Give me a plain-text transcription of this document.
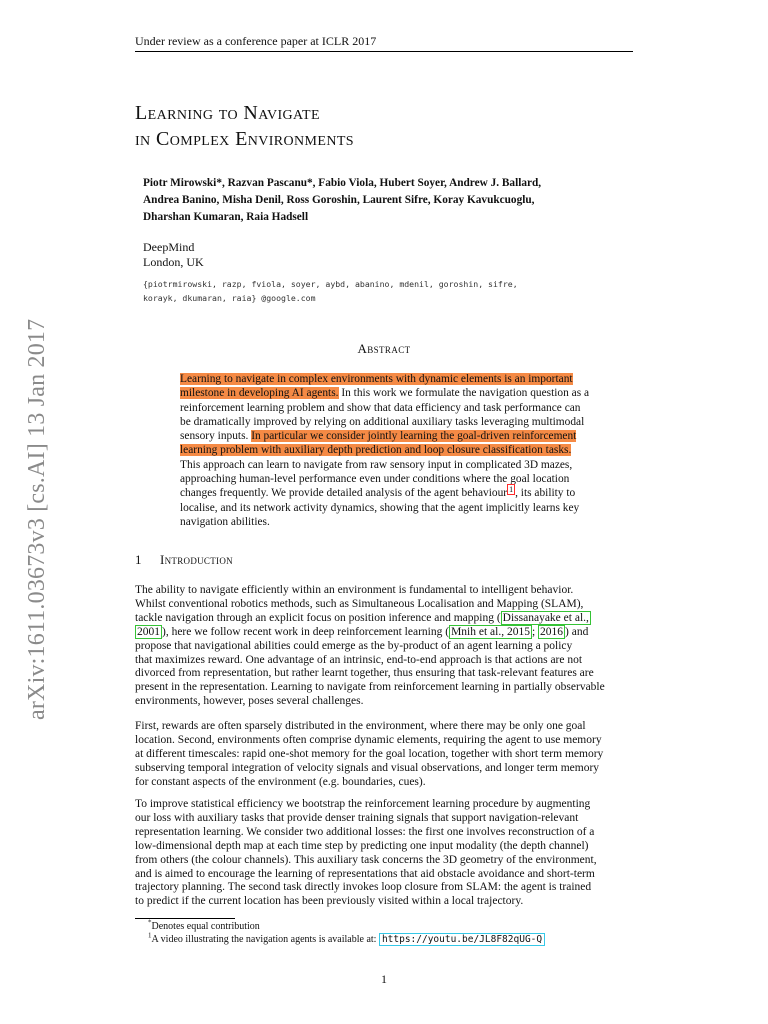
Under review as a conference paper at ICLR 2017
arXiv:1611.03673v3 [cs.AI] 13 Jan 2017
Learning to Navigate
in Complex Environments
Piotr Mirowski*, Razvan Pascanu*, Fabio Viola, Hubert Soyer, Andrew J. Ballard,
Andrea Banino, Misha Denil, Ross Goroshin, Laurent Sifre, Koray Kavukcuoglu,
Dharshan Kumaran, Raia Hadsell
DeepMind
London, UK
{piotrmirowski, razp, fviola, soyer, aybd, abanino, mdenil, goroshin, sifre,
korayk, dkumaran, raia} @google.com
Abstract
Learning to navigate in complex environments with dynamic elements is an important milestone in developing AI agents. In this work we formulate the navigation question as a reinforcement learning problem and show that data efficiency and task performance can be dramatically improved by relying on additional auxiliary tasks leveraging multimodal sensory inputs. In particular we consider jointly learning the goal-driven reinforcement learning problem with auxiliary depth prediction and loop closure classification tasks. This approach can learn to navigate from raw sensory input in complicated 3D mazes, approaching human-level performance even under conditions where the goal location changes frequently. We provide detailed analysis of the agent behaviour $^1$ , its ability to localise, and its network activity dynamics, showing that the agent implicitly learns key navigation abilities.
1 Introduction
The ability to navigate efficiently within an environment is fundamental to intelligent behavior.
Whilst conventional robotics methods, such as Simultaneous Localisation and Mapping (SLAM),
tackle navigation through an explicit focus on position inference and mapping ( Dissanayake et al.,
2001 ), here we follow recent work in deep reinforcement learning ( Mnih et al., 2015 ; 2016 ) and
propose that navigational abilities could emerge as the by-product of an agent learning a policy
that maximizes reward. One advantage of an intrinsic, end-to-end approach is that actions are not
divorced from representation, but rather learnt together, thus ensuring that task-relevant features are
present in the representation. Learning to navigate from reinforcement learning in partially observable
environments, however, poses several challenges.
First, rewards are often sparsely distributed in the environment, where there may be only one goal
location. Second, environments often comprise dynamic elements, requiring the agent to use memory
at different timescales: rapid one-shot memory for the goal location, together with short term memory
subserving temporal integration of velocity signals and visual observations, and longer term memory
for constant aspects of the environment (e.g. boundaries, cues).
To improve statistical efficiency we bootstrap the reinforcement learning procedure by augmenting
our loss with auxiliary tasks that provide denser training signals that support navigation-relevant
representation learning. We consider two additional losses: the first one involves reconstruction of a
low-dimensional depth map at each time step by predicting one input modality (the depth channel)
from others (the colour channels). This auxiliary task concerns the 3D geometry of the environment,
and is aimed to encourage the learning of representations that aid obstacle avoidance and short-term
trajectory planning. The second task directly invokes loop closure from SLAM: the agent is trained
to predict if the current location has been previously visited within a local trajectory.
*Denotes equal contribution
$^1$A video illustrating the navigation agents is available at: https://youtu.be/JL8F82qUG-Q
1
